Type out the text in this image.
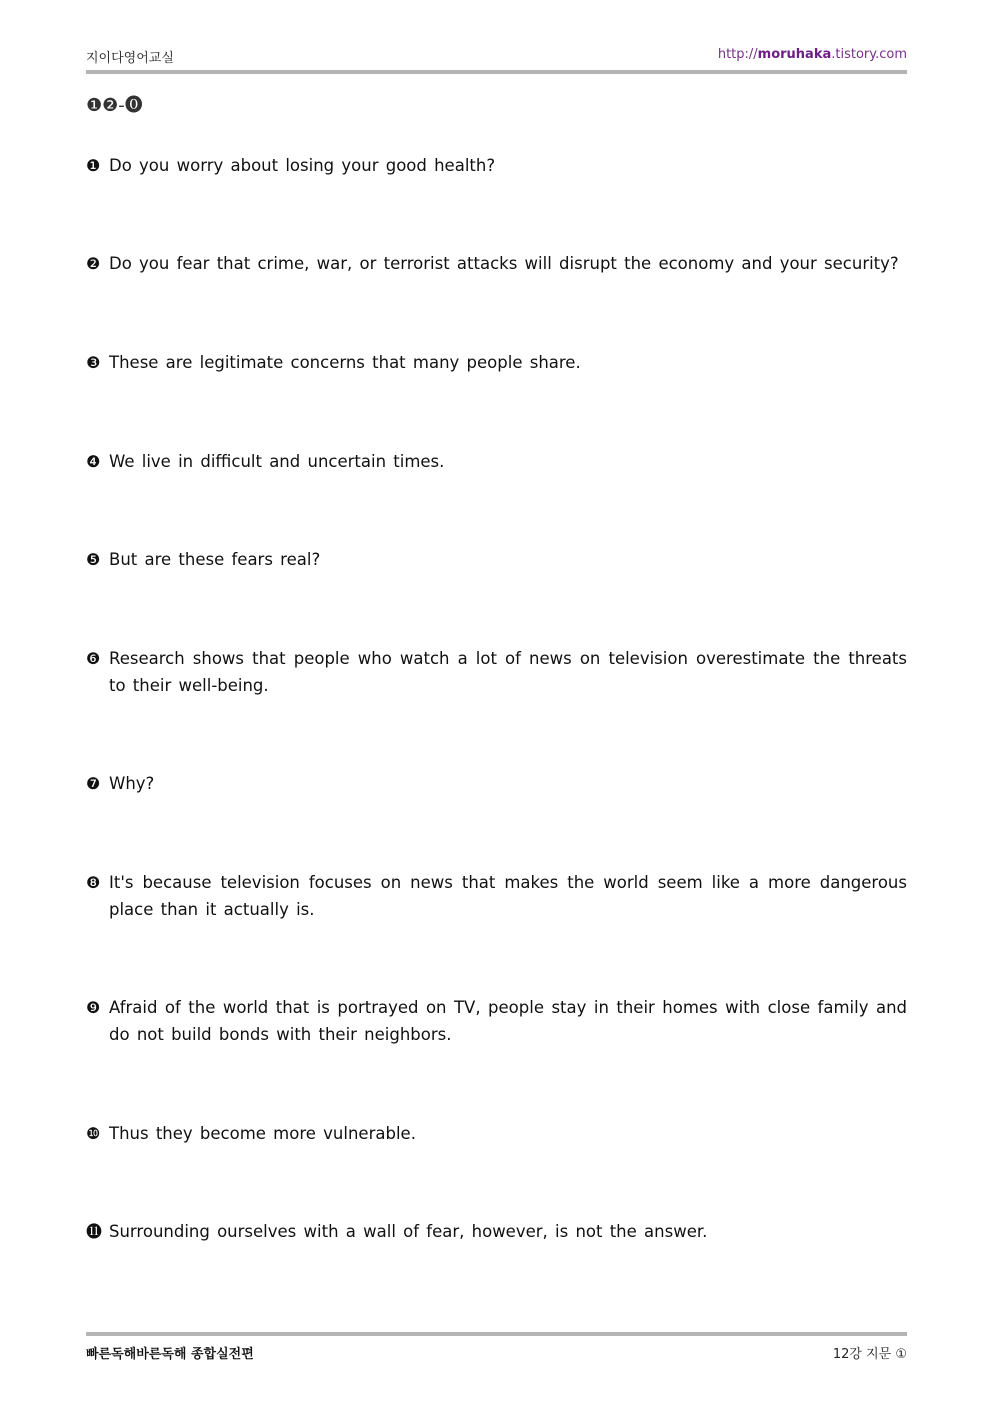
지이다영어교실	http://moruhaka.tistory.com
❶❷-⓿
❶ Do you worry about losing your good health?
❷ Do you fear that crime, war, or terrorist attacks will disrupt the economy and your security?
❸ These are legitimate concerns that many people share.
❹ We live in difficult and uncertain times.
❺ But are these fears real?
❻ Research shows that people who watch a lot of news on television overestimate the threats to their well-being.
❼ Why?
❽ It's because television focuses on news that makes the world seem like a more dangerous place than it actually is.
❾ Afraid of the world that is portrayed on TV, people stay in their homes with close family and do not build bonds with their neighbors.
❿ Thus they become more vulnerable.
⓫ Surrounding ourselves with a wall of fear, however, is not the answer.
빠른독해바른독해 종합실전편	12강 지문 ①
